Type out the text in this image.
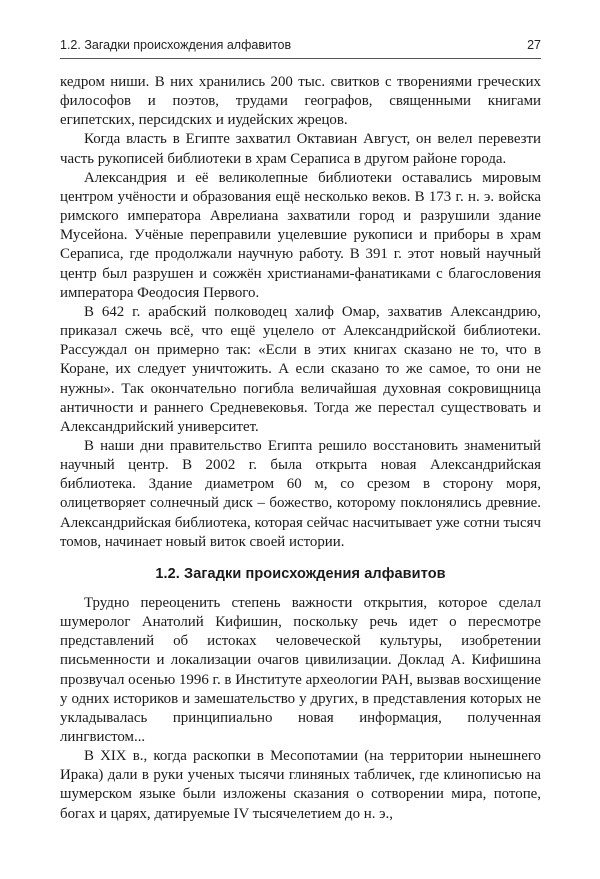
1.2. Загадки происхождения алфавитов	27

кедром ниши. В них хранились 200 тыс. свитков с творениями греческих философов и поэтов, трудами географов, священными книгами египетских, персидских и иудейских жрецов.

Когда власть в Египте захватил Октавиан Август, он велел перевезти часть рукописей библиотеки в храм Сераписа в другом районе города.

Александрия и её великолепные библиотеки оставались мировым центром учёности и образования ещё несколько веков. В 173 г. н. э. войска римского императора Аврелиана захватили город и разрушили здание Мусейона. Учёные переправили уцелевшие рукописи и приборы в храм Сераписа, где продолжали научную работу. В 391 г. этот новый научный центр был разрушен и сожжён христианами-фанатиками с благословения императора Феодосия Первого.

В 642 г. арабский полководец халиф Омар, захватив Александрию, приказал сжечь всё, что ещё уцелело от Александрийской библиотеки. Рассуждал он примерно так: «Если в этих книгах сказано не то, что в Коране, их следует уничтожить. А если сказано то же самое, то они не нужны». Так окончательно погибла величайшая духовная сокровищница античности и раннего Средневековья. Тогда же перестал существовать и Александрийский университет.

В наши дни правительство Египта решило восстановить знаменитый научный центр. В 2002 г. была открыта новая Александрийская библиотека. Здание диаметром 60 м, со срезом в сторону моря, олицетворяет солнечный диск – божество, которому поклонялись древние. Александрийская библиотека, которая сейчас насчитывает уже сотни тысяч томов, начинает новый виток своей истории.

1.2. Загадки происхождения алфавитов

Трудно переоценить степень важности открытия, которое сделал шумеролог Анатолий Кифишин, поскольку речь идет о пересмотре представлений об истоках человеческой культуры, изобретении письменности и локализации очагов цивилизации. Доклад А. Кифишина прозвучал осенью 1996 г. в Институте археологии РАН, вызвав восхищение у одних историков и замешательство у других, в представления которых не укладывалась принципиально новая информация, полученная лингвистом...

В XIX в., когда раскопки в Месопотамии (на территории нынешнего Ирака) дали в руки ученых тысячи глиняных табличек, где клинописью на шумерском языке были изложены сказания о сотворении мира, потопе, богах и царях, датируемые IV тысячелетием до н. э.,
